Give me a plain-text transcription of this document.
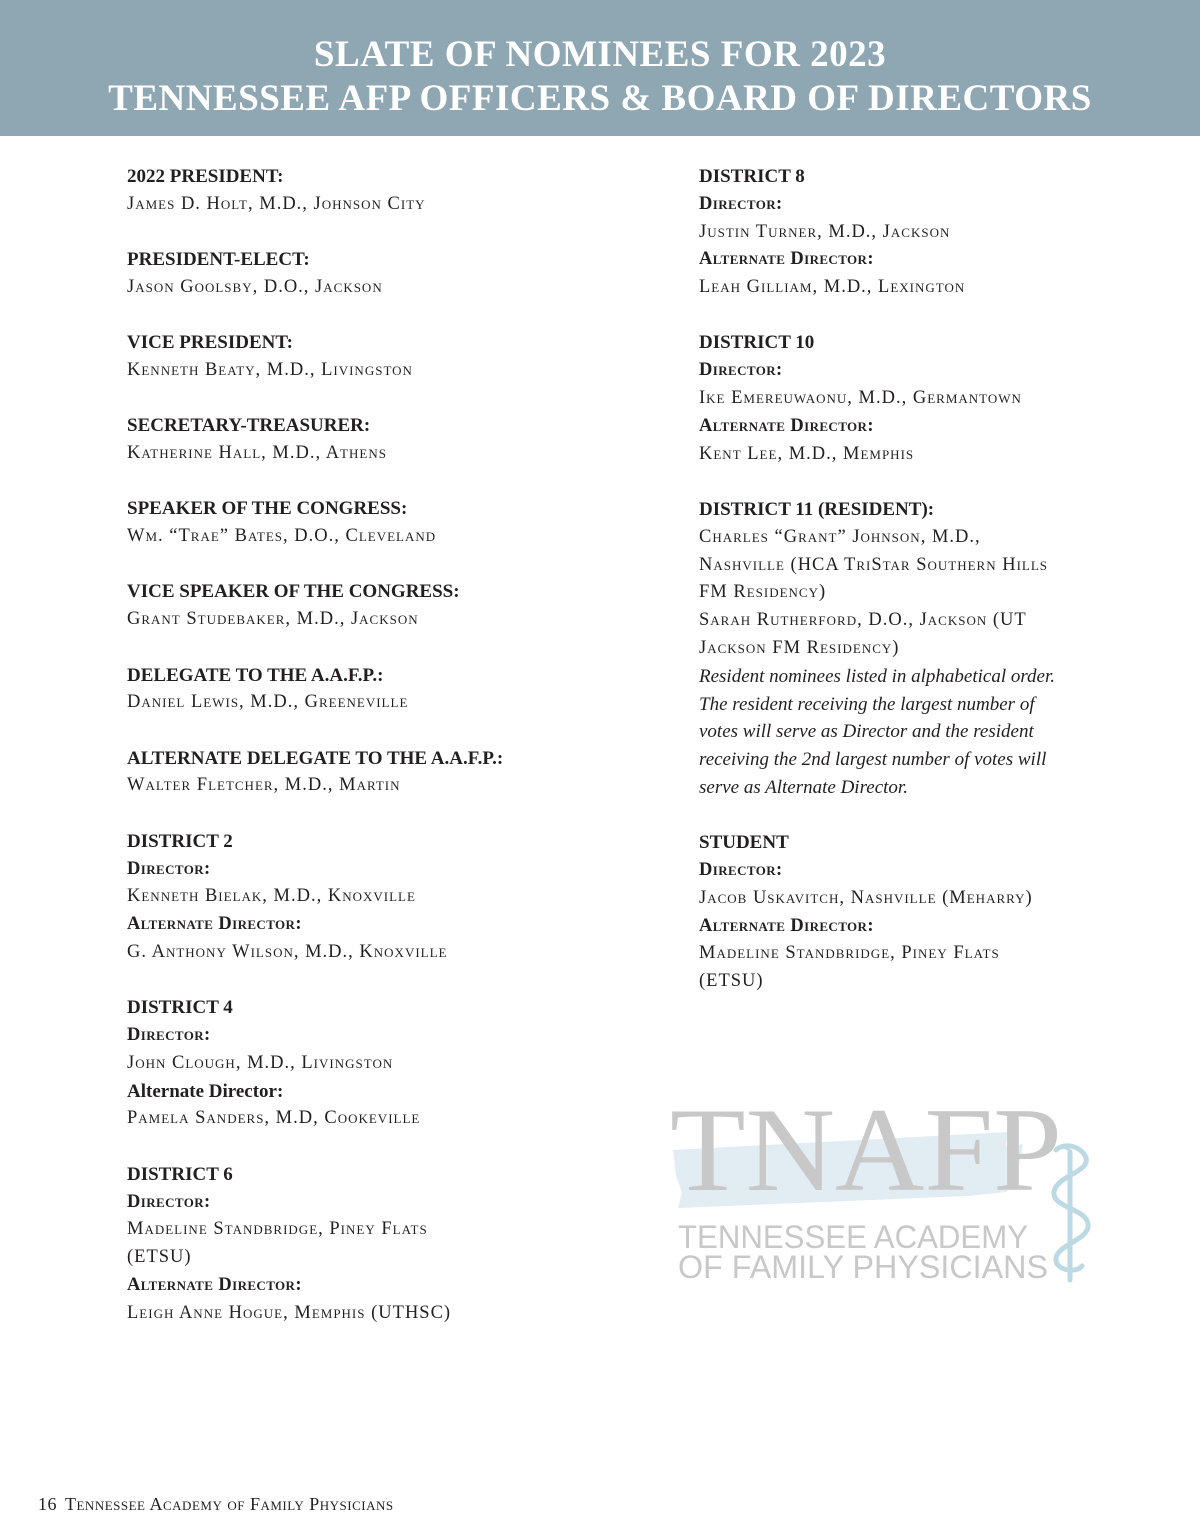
SLATE OF NOMINEES FOR 2023
TENNESSEE AFP OFFICERS & BOARD OF DIRECTORS
2022 PRESIDENT:
James D. Holt, M.D., Johnson City
PRESIDENT-ELECT:
Jason Goolsby, D.O., Jackson
VICE PRESIDENT:
Kenneth Beaty, M.D., Livingston
SECRETARY-TREASURER:
Katherine Hall, M.D., Athens
SPEAKER OF THE CONGRESS:
Wm. “Trae” Bates, D.O., Cleveland
VICE SPEAKER OF THE CONGRESS:
Grant Studebaker, M.D., Jackson
DELEGATE TO THE A.A.F.P.:
Daniel Lewis, M.D., Greeneville
ALTERNATE DELEGATE TO THE A.A.F.P.:
Walter Fletcher, M.D., Martin
DISTRICT 2
Director:
Kenneth Bielak, M.D., Knoxville
Alternate Director:
G. Anthony Wilson, M.D., Knoxville
DISTRICT 4
Director:
John Clough, M.D., Livingston
Alternate Director:
Pamela Sanders, M.D, Cookeville
DISTRICT 6
Director:
Madeline Standbridge, Piney Flats
(ETSU)
Alternate Director:
Leigh Anne Hogue, Memphis (UTHSC)
DISTRICT 8
Director:
Justin Turner, M.D., Jackson
Alternate Director:
Leah Gilliam, M.D., Lexington
DISTRICT 10
Director:
Ike Emereuwaonu, M.D., Germantown
Alternate Director:
Kent Lee, M.D., Memphis
DISTRICT 11 (RESIDENT):
Charles “Grant” Johnson, M.D.,
Nashville (HCA TriStar Southern Hills
FM Residency)
Sarah Rutherford, D.O., Jackson (UT
Jackson FM Residency)
Resident nominees listed in alphabetical order.
The resident receiving the largest number of
votes will serve as Director and the resident
receiving the 2nd largest number of votes will
serve as Alternate Director.
STUDENT
Director:
Jacob Uskavitch, Nashville (Meharry)
Alternate Director:
Madeline Standbridge, Piney Flats
(ETSU)
TNAFP
TENNESSEE ACADEMY
OF FAMILY PHYSICIANS
16 Tennessee Academy of Family Physicians
